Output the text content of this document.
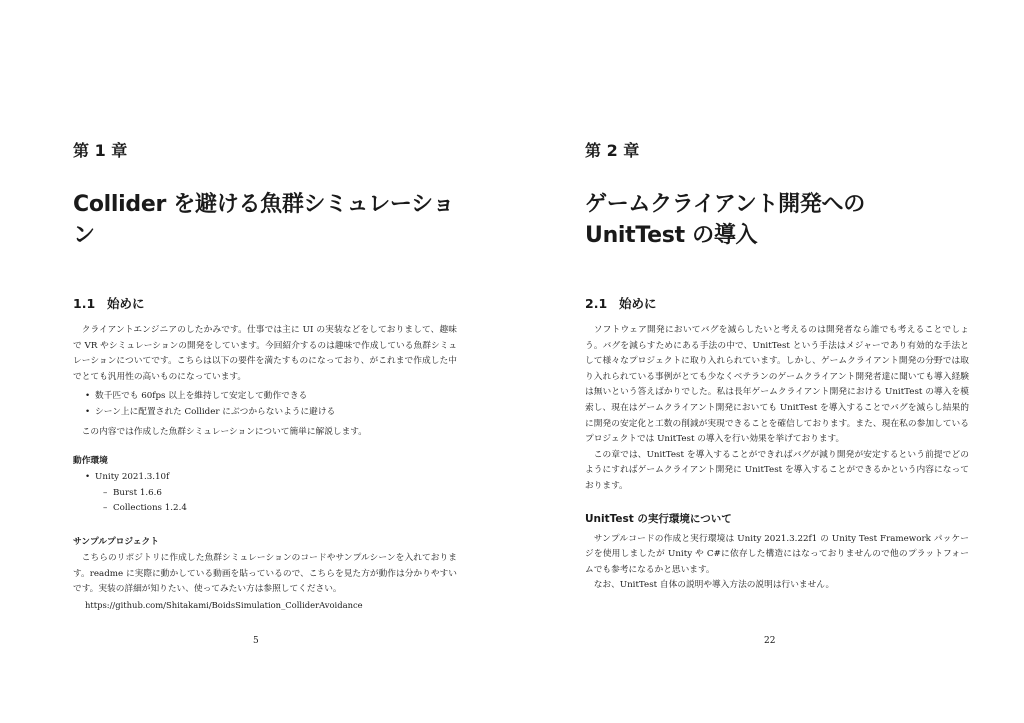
第 1 章
Collider を避ける魚群シミュレーション
1.1 始めに

クライアントエンジニアのしたかみです。仕事では主に UI の実装などをしておりまして、趣味で VR やシミュレーションの開発をしています。今回紹介するのは趣味で作成している魚群シミュレーションについてです。こちらは以下の要件を満たすものになっており、がこれまで作成した中でとても汎用性の高いものになっています。

• 数千匹でも 60fps 以上を維持して安定して動作できる
• シーン上に配置された Collider にぶつからないように避ける

この内容では作成した魚群シミュレーションについて簡単に解説します。

動作環境
• Unity 2021.3.10f
– Burst 1.6.6
– Collections 1.2.4
サンプルプロジェクト

こちらのリポジトリに作成した魚群シミュレーションのコードやサンプルシーンを入れております。readme に実際に動かしている動画を貼っているので、こちらを見た方が動作は分かりやすいです。実装の詳細が知りたい、使ってみたい方は参照してください。

https://github.com/Shitakami/BoidsSimulation_ColliderAvoidance
5
第 2 章
ゲームクライアント開発への
UnitTest の導入
2.1 始めに

ソフトウェア開発においてバグを減らしたいと考えるのは開発者なら誰でも考えることでしょう。バグを減らすためにある手法の中で、UnitTest という手法はメジャーであり有効的な手法として様々なプロジェクトに取り入れられています。しかし、ゲームクライアント開発の分野では取り入れられている事例がとても少なくベテランのゲームクライアント開発者達に聞いても導入経験は無いという答えばかりでした。私は長年ゲームクライアント開発における UnitTest の導入を模索し、現在はゲームクライアント開発においても UnitTest を導入することでバグを減らし結果的に開発の安定化と工数の削減が実現できることを確信しております。また、現在私の参加しているプロジェクトでは UnitTest の導入を行い効果を挙げております。

この章では、UnitTest を導入することができればバグが減り開発が安定するという前提でどのようにすればゲームクライアント開発に UnitTest を導入することができるかという内容になっております。

UnitTest の実行環境について

サンプルコードの作成と実行環境は Unity 2021.3.22f1 の Unity Test Framework パッケージを使用しましたが Unity や C#に依存した構造にはなっておりませんので他のプラットフォームでも参考になるかと思います。

なお、UnitTest 自体の説明や導入方法の説明は行いません。

22
